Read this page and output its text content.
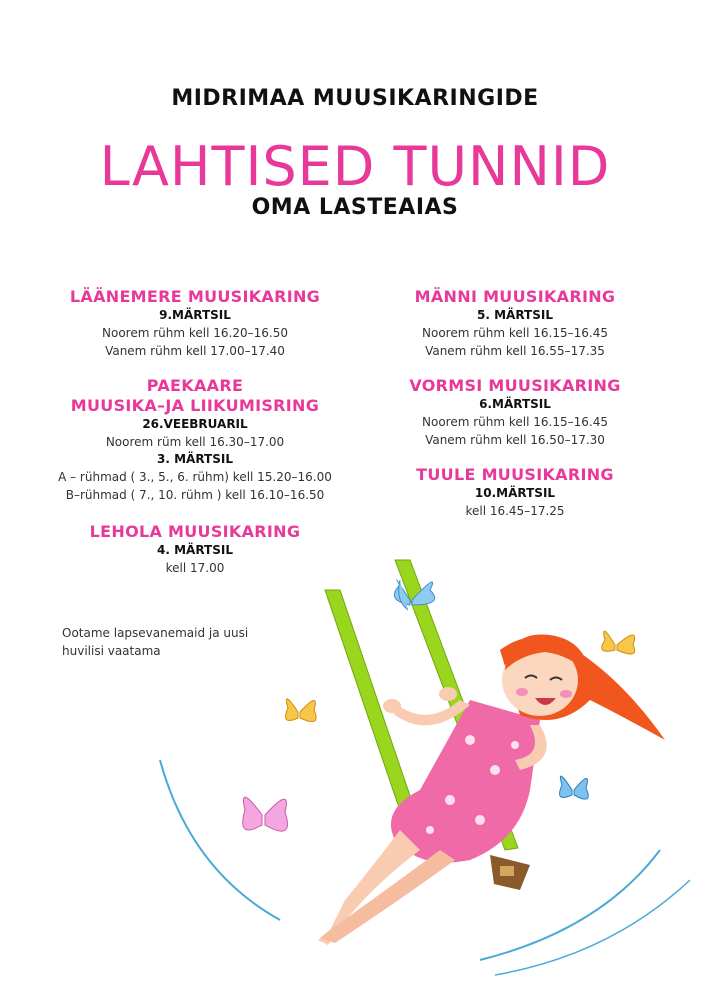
MIDRIMAA MUUSIKARINGIDE
LAHTISED TUNNID
OMA LASTEAIAS
LÄÄNEMERE MUUSIKARING
9.MÄRTSIL
Noorem rühm kell 16.20–16.50
Vanem rühm kell 17.00–17.40
PAEKAARE
MUUSIKA–JA LIIKUMISRING
26.VEEBRUARIL
Noorem rüm kell 16.30–17.00
3. MÄRTSIL
A – rühmad ( 3., 5., 6. rühm) kell 15.20–16.00
B–rühmad ( 7., 10. rühm ) kell 16.10–16.50
LEHOLA MUUSIKARING
4. MÄRTSIL
kell 17.00
MÄNNI MUUSIKARING
5. MÄRTSIL
Noorem rühm kell 16.15–16.45
Vanem rühm kell 16.55–17.35
VORMSI MUUSIKARING
6.MÄRTSIL
Noorem rühm kell 16.15–16.45
Vanem rühm kell 16.50–17.30
TUULE MUUSIKARING
10.MÄRTSIL
kell 16.45–17.25
Ootame lapsevanemaid ja uusi
huvilisi vaatama
